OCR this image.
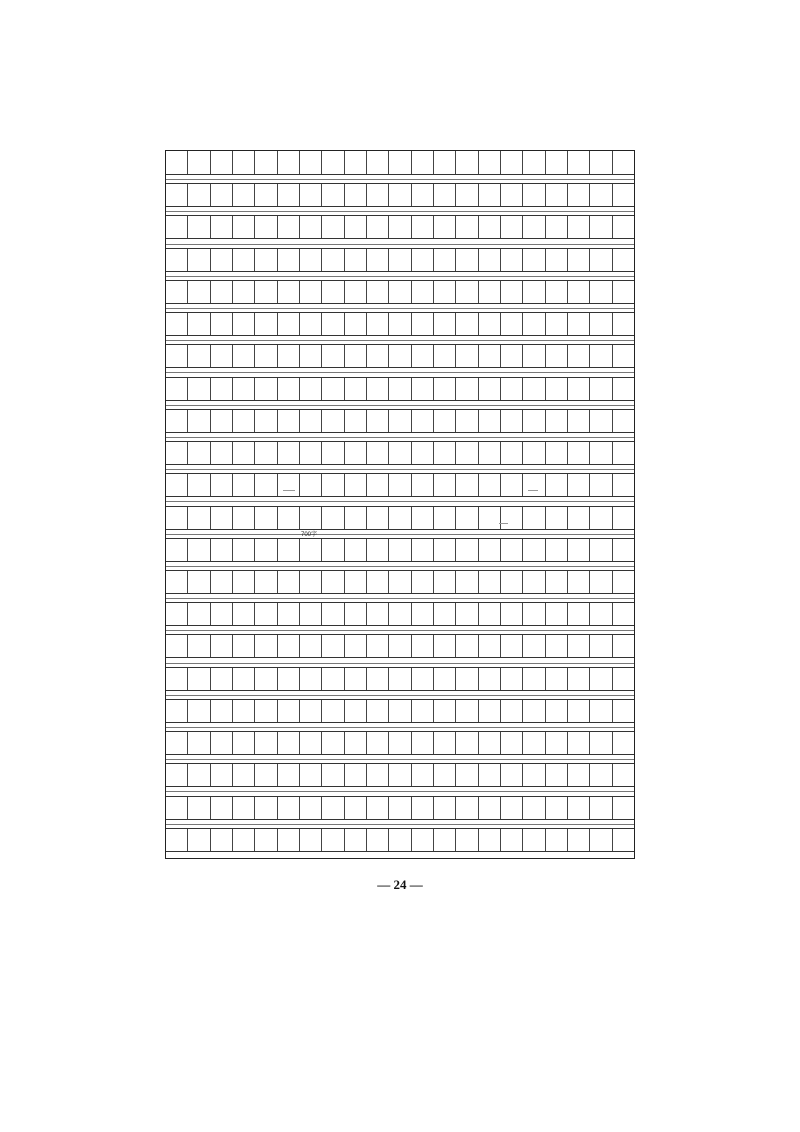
700字
— 24 —
